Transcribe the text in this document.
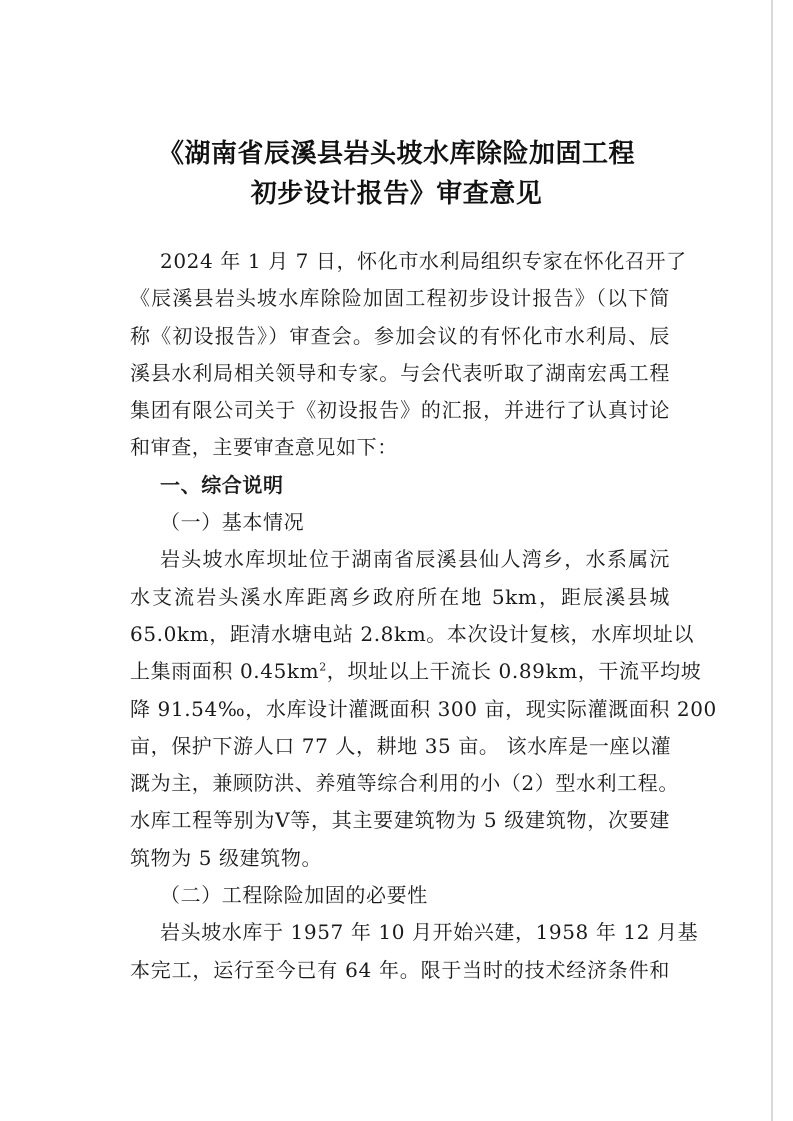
《湖南省辰溪县岩头坡水库除险加固工程
初步设计报告》审查意见
2024 年 1 月 7 日，怀化市水利局组织专家在怀化召开了
《辰溪县岩头坡水库除险加固工程初步设计报告》（以下简
称《初设报告》）审查会。参加会议的有怀化市水利局、辰
溪县水利局相关领导和专家。与会代表听取了湖南宏禹工程
集团有限公司关于《初设报告》的汇报，并进行了认真讨论
和审查，主要审查意见如下：
一、综合说明
（一）基本情况
岩头坡水库坝址位于湖南省辰溪县仙人湾乡，水系属沅
水支流岩头溪水库距离乡政府所在地 5km，距辰溪县城
65.0km，距清水塘电站 2.8km。本次设计复核，水库坝址以
上集雨面积 $0.45km^2$，坝址以上干流长 0.89km，干流平均坡
降 91.54‰，水库设计灌溉面积 300 亩，现实际灌溉面积 200
亩，保护下游人口 77 人，耕地 35 亩。 该水库是一座以灌
溉为主，兼顾防洪、养殖等综合利用的小（2）型水利工程。
水库工程等别为Ⅴ等，其主要建筑物为 5 级建筑物，次要建
筑物为 5 级建筑物。
（二）工程除险加固的必要性
岩头坡水库于 1957 年 10 月开始兴建，1958 年 12 月基
本完工，运行至今已有 64 年。限于当时的技术经济条件和
